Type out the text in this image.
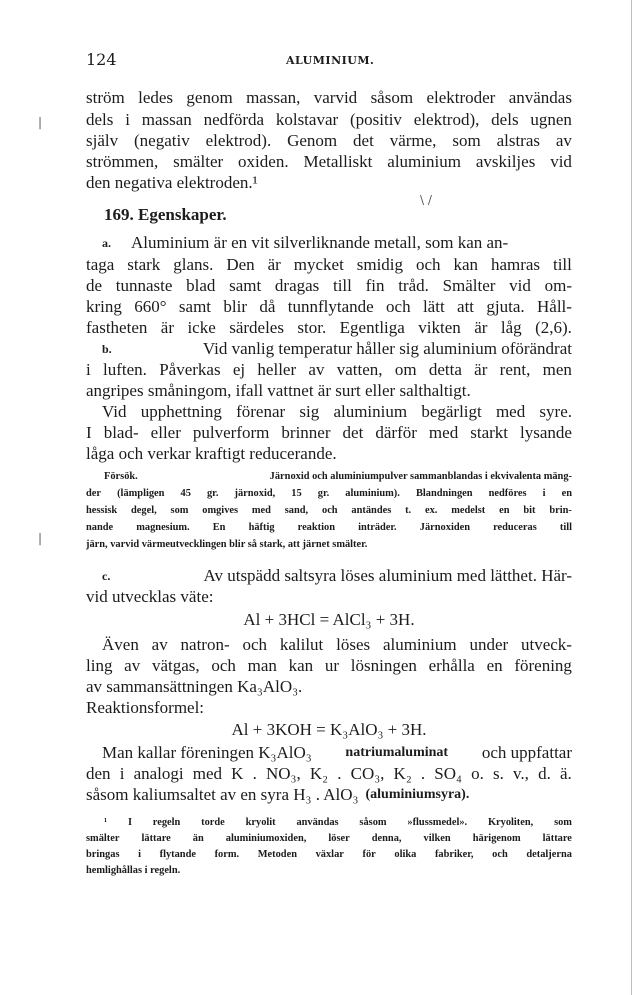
124	ALUMINIUM.
ström ledes genom massan, varvid såsom elektroder användas
dels i massan nedförda kolstavar (positiv elektrod), dels ugnen
själv (negativ elektrod). Genom det värme, som alstras av
strömmen, smälter oxiden. Metalliskt aluminium avskiljes vid
den negativa elektroden.¹
169. Egenskaper.
a. Aluminium är en vit silverliknande metall, som kan an-
taga stark glans. Den är mycket smidig och kan hamras till
de tunnaste blad samt dragas till fin tråd. Smälter vid om-
kring 660° samt blir då tunnflytande och lätt att gjuta. Håll-
fastheten är icke särdeles stor. Egentliga vikten är låg (2,6).
b.	Vid vanlig temperatur håller sig aluminium oförändrat
i luften. Påverkas ej heller av vatten, om detta är rent, men
angripes småningom, ifall vattnet är surt eller salthaltigt.
Vid upphettning förenar sig aluminium begärligt med syre.
I blad- eller pulverform brinner det därför med starkt lysande
låga och verkar kraftigt reducerande.
Försök.	Järnoxid och aluminiumpulver sammanblandas i ekvivalenta mäng-
der (lämpligen 45 gr. järnoxid, 15 gr. aluminium). Blandningen nedföres i en
hessisk degel, som omgives med sand, och antändes t. ex. medelst en bit brin-
nande magnesium. En häftig reaktion inträder. Järnoxiden reduceras till
järn, varvid värmeutvecklingen blir så stark, att järnet smälter.
c.	Av utspädd saltsyra löses aluminium med lätthet. Här-
vid utvecklas väte:
Al + 3HCl = AlCl₃ + 3H.
Även av natron- och kalilut löses aluminium under utveck-
ling av vätgas, och man kan ur lösningen erhålla en förening
av sammansättningen Ka₃AlO₃.
Reaktionsformel:
Al + 3KOH = K₃AlO₃ + 3H.
Man kallar föreningen K₃AlO₃ natriumaluminat och uppfattar
den i analogi med K . NO₃, K₂ . CO₃, K₂ . SO₄ o. s. v., d. ä.
såsom kaliumsaltet av en syra H₃ . AlO₃ (aluminiumsyra).
¹ I regeln torde kryolit användas såsom »flussmedel». Kryoliten, som
smälter lättare än aluminiumoxiden, löser denna, vilken härigenom lättare
bringas i flytande form. Metoden växlar för olika fabriker, och detaljerna
hemlighållas i regeln.
|
|
\ /
